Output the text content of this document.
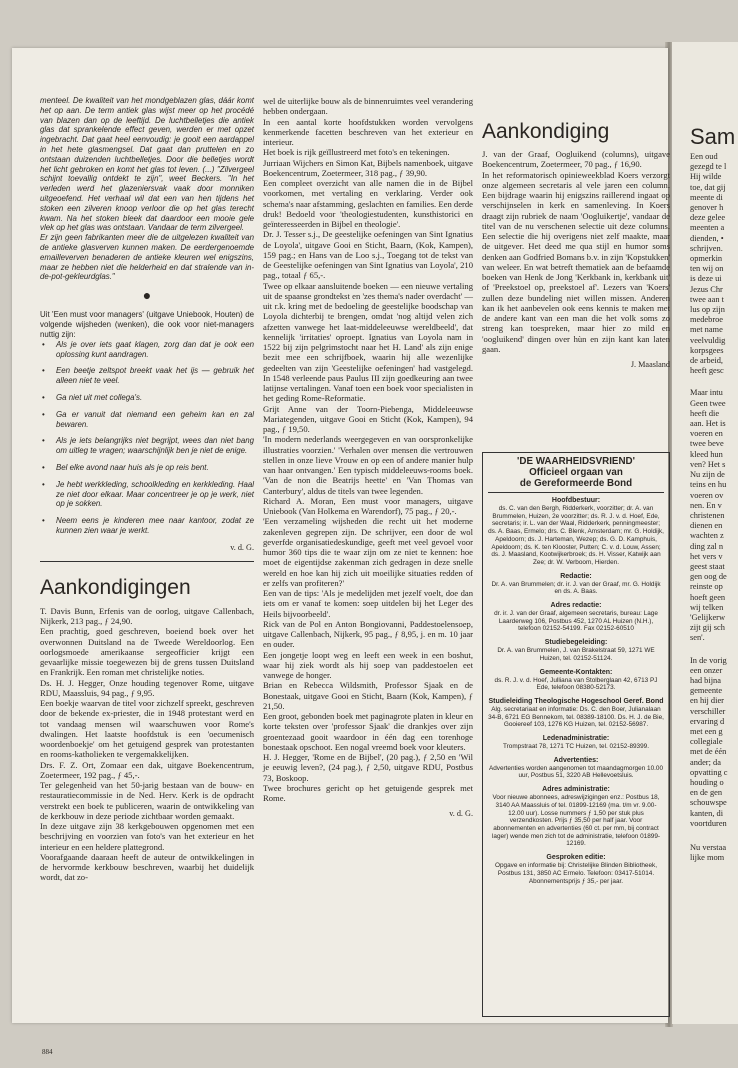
menteel. De kwaliteit van het mondgeblazen glas, dáár komt het op aan. De term antiek glas wijst meer op het procédé van blazen dan op de leeftijd. De luchtbelletjes die antiek glas dat sprankelende effect geven, werden er met opzet ingebracht. Dat gaat heel eenvoudig: je gooit een aardappel in het hete glasmengsel. Dat gaat dan pruttelen en zo ontstaan duizenden luchtbelletjes. Door die belletjes wordt het licht gebroken en komt het glas tot leven. (...) "Zilvergeel schijnt toevallig ontdekt te zijn", weet Beckers. "In het verleden werd het glazeniersvak vaak door monniken uitgeoefend. Het verhaal wil dat een van hen tijdens het stoken een zilveren knoop verloor die op het glas terecht kwam. Na het stoken bleek dat daardoor een mooie gele vlek op het glas was ontstaan. Vandaar de term zilvergeel.

Er zijn geen fabrikanten meer die de uitgelezen kwaliteit van de antieke glasverven kunnen maken. De eerdergenoemde emailleverven benaderen de antieke kleuren wel enigszins, maar ze hebben niet die helderheid en dat stralende van in-de-pot-gekleurdglas."

●

Uit 'Een must voor managers' (uitgave Uniebook, Houten) de volgende wijsheden (wenken), die ook voor niet-managers nuttig zijn:

• Als je over iets gaat klagen, zorg dan dat je ook een oplossing kunt aandragen.
• Een beetje zeltspot breekt vaak het ijs — gebruik het alleen niet te veel.
• Ga niet uit met collega's.
• Ga er vanuit dat niemand een geheim kan en zal bewaren.
• Als je iets belangrijks niet begrijpt, wees dan niet bang om uitleg te vragen; waarschijnlijk ben je niet de enige.
• Bel elke avond naar huis als je op reis bent.
• Je hebt werkkleding, schoolkleding en kerkkleding. Haal ze niet door elkaar. Maar concentreer je op je werk, niet op je sokken.
• Neem eens je kinderen mee naar kantoor, zodat ze kunnen zien waar je werkt.
v. d. G.
Aankondigingen

T. Davis Bunn, Erfenis van de oorlog, uitgave Callenbach, Nijkerk, 213 pag., ƒ 24,90.

Een prachtig, goed geschreven, boeiend boek over het overwonnen Duitsland na de Tweede Wereldoorlog. Een oorlogsmoede amerikaanse sergeofficier krijgt een gevaarlijke missie toegewezen bij de grens tussen Duitsland en Frankrijk. Een roman met christelijke noties.

Ds. H. J. Hegger, Onze houding tegenover Rome, uitgave RDU, Maassluis, 94 pag., ƒ 9,95.

Een boekje waarvan de titel voor zichzelf spreekt, geschreven door de bekende ex-priester, die in 1948 protestant werd en tot vandaag mensen wil waarschuwen voor Rome's dwalingen. Het laatste hoofdstuk is een 'oecumenisch woordenboekje' om het getuigend gesprek van protestanten en rooms-katholieken te vergemakkelijken.

Drs. F. Z. Ort, Zomaar een dak, uitgave Boekencentrum, Zoetermeer, 192 pag., ƒ 45,-.

Ter gelegenheid van het 50-jarig bestaan van de bouw- en restauratiecommissie in de Ned. Herv. Kerk is de opdracht verstrekt een boek te publiceren, waarin de ontwikkeling van de kerkbouw in deze periode zichtbaar worden gemaakt.

In deze uitgave zijn 38 kerkgebouwen opgenomen met een beschrijving en voorzien van foto's van het exterieur en het interieur en een heldere plattegrond.

Voorafgaande daaraan heeft de auteur de ontwikkelingen in de hervormde kerkbouw beschreven, waarbij het duidelijk wordt, dat zo-

wel de uiterlijke bouw als de binnenruimtes veel verandering hebben ondergaan.

In een aantal korte hoofdstukken worden vervolgens kenmerkende facetten beschreven van het exterieur en interieur.

Het boek is rijk geïllustreerd met foto's en tekeningen.

Jurriaan Wijchers en Simon Kat, Bijbels namenboek, uitgave Boekencentrum, Zoetermeer, 318 pag., ƒ 39,90.

Een compleet overzicht van alle namen die in de Bijbel voorkomen, met vertaling en verklaring. Verder ook schema's naar afstamming, geslachten en families. Een derde druk! Bedoeld voor 'theologiestudenten, kunsthistorici en geïnteresseerden in Bijbel en theologie'.

Dr. J. Tesser s.j., De geestelijke oefeningen van Sint Ignatius de Loyola', uitgave Gooi en Sticht, Baarn, (Kok, Kampen), 159 pag.; en Hans van de Loo s.j., Toegang tot de tekst van de Geestelijke oefeningen van Sint Ignatius van Loyola', 210 pag., totaal ƒ 65,-.

Twee op elkaar aansluitende boeken — een nieuwe vertaling uit de spaanse grondtekst en 'zes thema's nader overdacht' — uit r.k. kring met de bedoeling de geestelijke boodschap van Loyola dichterbij te brengen, omdat 'nog altijd velen zich afzetten vanwege het laat-middeleeuwse wereldbeeld', dat kennelijk 'irritaties' oproept. Ignatius van Loyola nam in 1522 bij zijn pelgrimstocht naar het H. Land' als zijn enige bezit mee een schrijfboek, waarin hij alle wezenlijke gedeelten van zijn 'Geestelijke oefeningen' had vastgelegd. In 1548 verleende paus Paulus III zijn goedkeuring aan twee latijnse vertalingen. Vanaf toen een boek voor specialisten in het geding Rome-Reformatie.

Grijt Anne van der Toorn-Piebenga, Middeleeuwse Mariategenden, uitgave Gooi en Sticht (Kok, Kampen), 94 pag., ƒ 19,50.

'In modern nederlands weergegeven en van oorspronkelijke illustraties voorzien.' 'Verhalen over mensen die vertrouwen stellen in onze lieve Vrouw en op een of andere manier hulp van haar ontvangen.' Een typisch middeleeuws-rooms boek. 'Van de non die Beatrijs heette' en 'Van Thomas van Canterbury', aldus de titels van twee legenden.

Richard A. Moran, Een must voor managers, uitgave Uniebook (Van Holkema en Warendorf), 75 pag., ƒ 20,-.

'Een verzameling wijsheden die recht uit het moderne zakenleven gegrepen zijn. De schrijver, een door de wol geverfde organisatiedeskundige, geeft met veel gevoel voor humor 360 tips die te waar zijn om ze niet te kennen: hoe moet de eigentijdse zakenman zich gedragen in deze snelle wereld en hoe kan hij zich uit moeilijke situaties redden of er zelfs van profiteren?'

Een van de tips: 'Als je medelijden met jezelf voelt, doe dan iets om er vanaf te komen: soep uitdelen bij het Leger des Heils bijvoorbeeld'.

Rick van de Pol en Anton Bongiovanni, Paddestoelensoep, uitgave Callenbach, Nijkerk, 95 pag., ƒ 8,95, j. en m. 10 jaar en ouder.

Een jongetje loopt weg en leeft een week in een boshut, waar hij ziek wordt als hij soep van paddestoelen eet vanwege de honger.

Brian en Rebecca Wildsmith, Professor Sjaak en de Bonestaak, uitgave Gooi en Sticht, Baarn (Kok, Kampen), ƒ 21,50.

Een groot, gebonden boek met paginagrote platen in kleur en korte teksten over 'professor Sjaak' die drankjes over zijn groentezaad gooit waardoor in één dag een torenhoge bonestaak opschoot. Een nogal vreemd boek voor kleuters.

H. J. Hegger, 'Rome en de Bijbel', (20 pag.), ƒ 2,50 en 'Wil je eeuwig leven?, (24 pag.), ƒ 2,50, uitgave RDU, Postbus 73, Boskoop.

Twee brochures gericht op het getuigende gesprek met Rome.

v. d. G.
Aankondiging

J. van der Graaf, Oogluikend (columns), uitgave Boekencentrum, Zoetermeer, 70 pag., ƒ 16,90.

In het reformatorisch opinieweekblad Koers verzorgt onze algemeen secretaris al vele jaren een column. Een bijdrage waarin hij enigszins raillerend ingaat op verschijnselen in kerk en samenleving. In Koers draagt zijn rubriek de naam 'Oogluikertje', vandaar de titel van de nu verschenen selectie uit deze columns. Een selectie die hij overigens niet zelf maakte, maar de uitgever. Het deed me qua stijl en humor soms denken aan Godfried Bomans b.v. in zijn 'Kopstukken' van weleer. En wat betreft thematiek aan de befaamde boeken van Henk de Jong 'Kerkbank in, kerkbank uit' of 'Preekstoel op, preekstoel af'. Lezers van 'Koers' zullen deze bundeling niet willen missen. Anderen kan ik het aanbevelen ook eens kennis te maken met de andere kant van een man die het volk soms zo streng kan toespreken, maar hier zo mild en 'oogluikend' dingen over hùn en zijn kant kan laten gaan.

J. Maasland
'DE WAARHEIDSVRIEND'
Officieel orgaan van
de Gereformeerde Bond
Hoofdbestuur:
ds. C. van den Bergh, Ridderkerk, voorzitter; dr. A. van Brummelen, Huizen, 2e voorzitter; ds. R. J. v. d. Hoef, Ede, secretaris; ir. L. van der Waal, Ridderkerk, penningmeester; ds. A. Baas, Ermelo; drs. C. Blenk, Amsterdam; mr. G. Holdijk, Apeldoorn; ds. J. Harteman, Wezep; ds. G. D. Kamphuis, Apeldoorn; ds. K. ten Klooster, Putten; C. v. d. Louw, Assen; ds. J. Maasland, Kootwijkerbroek; ds. H. Visser, Katwijk aan Zee; dr. W. Verboom, Hierden.
Redactie:
Dr. A. van Brummelen; dr. ir. J. van der Graaf, mr. G. Holdijk en ds. A. Baas.
Adres redactie:
dr. ir. J. van der Graaf, algemeen secretaris, bureau: Lage Laarderweg 106, Postbus 452, 1270 AL Huizen (N.H.), telefoon 02152-54199. Fax 02152-60510
Studiebegeleiding:
Dr. A. van Brummelen, J. van Brakelstraat 59, 1271 WE Huizen, tel. 02152-51124.
Gemeente-Kontakten:
ds. R. J. v. d. Hoef, Julliana van Stolberglaan 42, 6713 PJ Ede, telefoon 08380-52173.
Studieleiding Theologische Hogeschool Geref. Bond
Alg. secretariaat en informatie: Ds. C. den Boer, Julianalaan 34-B, 6721 EG Bennekom, tel. 08389-18100. Ds. H. J. de Bie, Gooiereef 103, 1276 KG Huizen, tel. 02152-56987.
Ledenadministratie:
Trompstraat 78, 1271 TC Huizen, tel. 02152-89399.
Advertenties:
Advertenties worden aangenomen tot maandagmorgen 10.00 uur, Postbus 51, 3220 AB Hellevoetsluis.
Adres administratie:
Voor nieuwe abonnees, adreswijzigingen enz.: Postbus 18, 3140 AA Maassluis of tel. 01899-12169 (ma. t/m vr. 9.00-12.00 uur). Losse nummers ƒ 1,50 per stuk plus verzendkosten. Prijs ƒ 35,50 per half jaar. Voor abonnementen en advertenties (60 ct. per mm, bij contract lager) wende men zich tot de administratie, telefoon 01899-12169.
Gesproken editie:
Opgave en informatie bij: Christelijke Blinden Bibliotheek, Postbus 131, 3850 AC Ermelo. Telefoon: 03417-51014. Abonnementsprijs ƒ 35,- per jaar.
884
Sam
Een oud
gezegd te l
Hij wilde
toe, dat gij
meente di
genover h
deze gelee
meenten a
dienden, •
schrijven.
opmerkin
ten wij on
is deze ui
Jezus Chr
twee aan t
lus op zijn
medebroe
met name
veelvuldig
korpsgees
de arbeid,
heeft gesc
Maar intu
Geen twee
heeft die
aan. Het is
voeren en
twee beve
kleed hun
ven? Het s
Nu zijn de
teins en hu
voeren ov
nen. En v
christenen
dienen en
wachten z
ding zal n
het vers v
geest staat
gen oog de
reinste op
hoeft geen
wij telken
'Gelijkerw
zijt gij sch
sen'.
In de vorig
een onzer
had bijna
gemeente
en hij dier
verschiller
ervaring d
met een g
collegiale
met de één
ander; da
opvatting c
houding o
en de gen
schouwspe
kanten, di
voortduren
Nu verstaa
lijke mom
